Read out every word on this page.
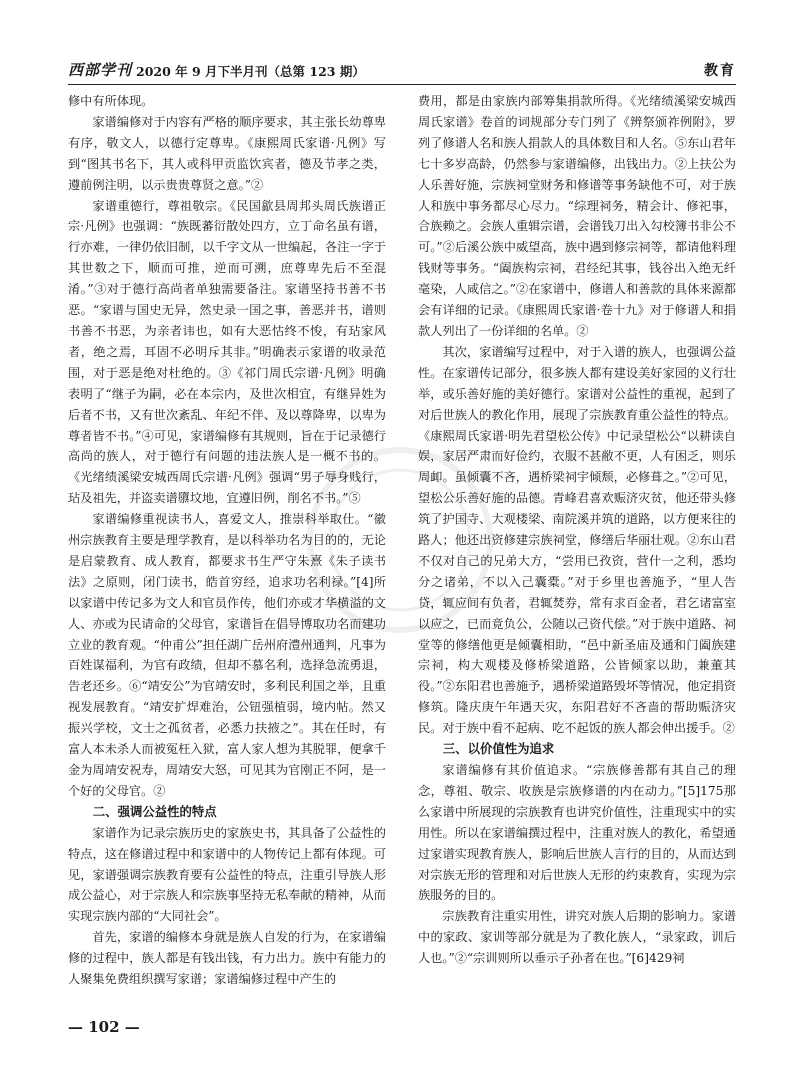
西部学刊 2020 年 9 月下半月刊（总第 123 期）	教育

修中有所体现。

家谱编修对于内容有严格的顺序要求，其主张长幼尊卑有序，敬文人，以德行定尊卑。《康熙周氏家谱·凡例》写到“图其书名下，其人或科甲贡监饮宾者，德及节孝之类，遵前例注明，以示贵贵尊贤之意。”②

家谱重德行，尊祖敬宗。《民国歙县周邦头周氏族谱正宗·凡例》也强调：“族既蕃衍散处四方，立丁命名虽有谱，行亦难，一律仍依旧制，以千字文从一世编起，各注一字于其世数之下，顺而可推，逆而可溯，庶尊卑先后不至混淆。”③对于德行高尚者单独需要备注。家谱坚持书善不书恶。“家谱与国史无异，然史录一国之事，善恶并书，谱则书善不书恶，为亲者讳也，如有大恶怙终不悛，有玷家风者，绝之焉，耳固不必明斥其非。”明确表示家谱的收录范围，对于恶是绝对杜绝的。③《祁门周氏宗谱·凡例》明确表明了“继子为嗣，必在本宗内，及世次相宜，有继异姓为后者不书，又有世次紊乱、年纪不伴、及以尊降卑，以卑为尊者皆不书。”④可见，家谱编修有其规则，旨在于记录德行高尚的族人，对于德行有问题的违法族人是一概不书的。《光绪绩溪梁安城西周氏宗谱·凡例》强调“男子辱身贱行，玷及祖先，并盗卖谱隳坟地，宜遵旧例，削名不书。”⑤

家谱编修重视读书人，喜爱文人，推崇科举取仕。“徽州宗族教育主要是理学教育，是以科举功名为目的的，无论是启蒙教育、成人教育，都要求书生严守朱熹《朱子读书法》之原则，闭门读书，皓首穷经，追求功名利禄。”[4]所以家谱中传记多为文人和官员作传，他们亦或才华横溢的文人、亦或为民请命的父母官，家谱旨在倡导博取功名而建功立业的教育观。“仲甫公”担任湖广岳州府澧州通判，凡事为百姓谋福利，为官有政绩，但却不慕名利，选择急流勇退，告老还乡。⑥“靖安公”为官靖安时，多利民利国之举，且重视发展教育。“靖安扩焊难治，公钮强植弱，境内帖。然又振兴学校，文士之孤贫者，必悉力扶掖之”。其在任时，有富人本未杀人而被冤枉入狱，富人家人想为其脱罪，便拿千金为周靖安祝寿，周靖安大怒，可见其为官刚正不阿，是一个好的父母官。②

二、强调公益性的特点

家谱作为记录宗族历史的家族史书，其具备了公益性的特点，这在修谱过程中和家谱中的人物传记上都有体现。可见，家谱强调宗族教育要有公益性的特点，注重引导族人形成公益心，对于宗族人和宗族事坚持无私奉献的精神，从而实现宗族内部的“大同社会”。

首先，家谱的编修本身就是族人自发的行为，在家谱编修的过程中，族人都是有钱出钱，有力出力。族中有能力的人聚集免费组织撰写家谱；家谱编修过程中产生的

费用，都是由家族内部筹集捐款所得。《光绪绩溪梁安城西周氏家谱》卷首的词规部分专门列了《辨祭颁祚例附》，罗列了修谱人名和族人捐款人的具体数目和人名。⑤东山君年七十多岁高龄，仍然参与家谱编修，出钱出力。②上扶公为人乐善好施，宗族祠堂财务和修谱等事务缺他不可，对于族人和族中事务都尽心尽力。“综理祠务，精会计、修祀事，合族赖之。会族人重辑宗谱，会谱钱刀出入勾校簿书非公不可。”②后溪公族中威望高，族中遇到修宗祠等，都请他料理钱财等事务。“阖族构宗祠，君经纪其事，钱谷出入绝无纤毫染，人咸信之。”②在家谱中，修谱人和善款的具体来源都会有详细的记录。《康熙周氏家谱·卷十九》对于修谱人和捐款人列出了一份详细的名单。②

其次，家谱编写过程中，对于入谱的族人，也强调公益性。在家谱传记部分，很多族人都有建设美好家园的义行壮举，或乐善好施的美好德行。家谱对公益性的重视，起到了对后世族人的教化作用，展现了宗族教育重公益性的特点。《康熙周氏家谱·明先君望松公传》中记录望松公“以耕读自娱，家居严肃而好俭约，衣服不甚敝不更，人有困乏，则乐周卹。虽倾囊不吝，遇桥梁祠宇倾颓，必修葺之。”②可见，望松公乐善好施的品德。青峰君喜欢赈济灾贫，他还带头修筑了护国寺、大观楼梁、南院溪并筑的道路，以方便来往的路人；他还出资修建宗族祠堂，修缮后华丽壮观。②东山君不仅对自己的兄弟大方，“尝用已孜资，营什一之利，悉均分之诸弟，不以入己囊橐。”对于乡里也善施予，“里人告贷，辄应间有负者，君辄焚券，常有求百金者，君乞诸富室以应之，已而竟负公，公随以己资代偿。”对于族中道路、祠堂等的修缮他更是倾囊相助，“邑中新圣庙及通和门阖族建宗祠，构大观楼及修桥梁道路，公皆倾家以助，兼董其役。”②东阳君也善施予，遇桥梁道路毁坏等情况，他定捐资修筑。隆庆庚午年遇天灾，东阳君好不吝啬的帮助赈济灾民。对于族中看不起病、吃不起饭的族人都会伸出援手。②

三、以价值性为追求

家谱编修有其价值追求。“宗族修善都有其自己的理念，尊祖、敬宗、收族是宗族修谱的内在动力。”[5]175那么家谱中所展现的宗族教育也讲究价值性，注重现实中的实用性。所以在家谱编撰过程中，注重对族人的教化，希望通过家谱实现教育族人，影响后世族人言行的目的，从而达到对宗族无形的管理和对后世族人无形的约束教育，实现为宗族服务的目的。

宗族教育注重实用性，讲究对族人后期的影响力。家谱中的家政、家训等部分就是为了教化族人，“录家政，训后人也。”②“宗训则所以垂示子孙者在也。”[6]429祠

— 102 —
